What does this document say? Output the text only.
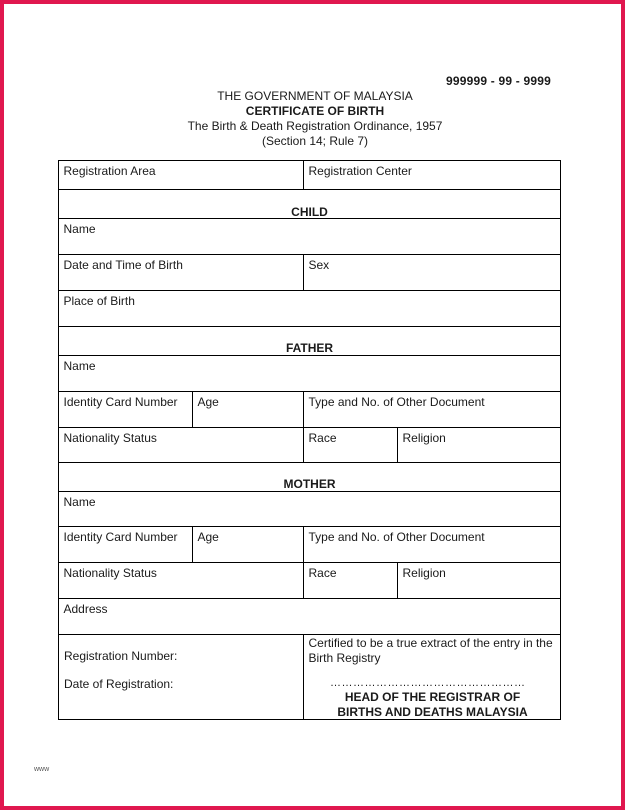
999999 - 99 - 9999
THE GOVERNMENT OF MALAYSIA
CERTIFICATE OF BIRTH
The Birth & Death Registration Ordinance, 1957
(Section 14; Rule 7)
Registration Area	Registration Center
CHILD
Name
Date and Time of Birth	Sex
Place of Birth
FATHER
Name
Identity Card Number	Age	Type and No. of Other Document
Nationality Status	Race	Religion
MOTHER
Name
Identity Card Number	Age	Type and No. of Other Document
Nationality Status	Race	Religion
Address
Registration Number:
Date of Registration:
Certified to be a true extract of the entry in the Birth Registry
……………………………………………
HEAD OF THE REGISTRAR OF
BIRTHS AND DEATHS MALAYSIA
www
